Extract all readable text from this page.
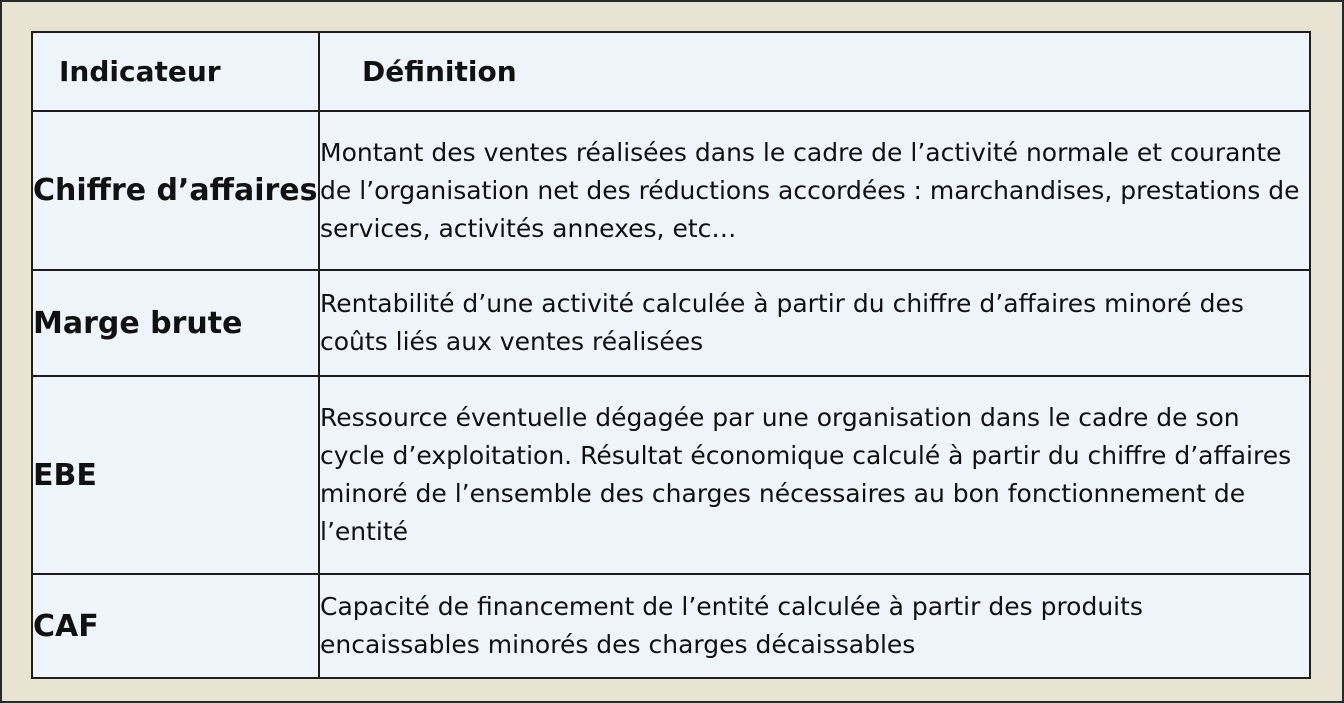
Indicateur	Définition
Chiffre d’affaires	Montant des ventes réalisées dans le cadre de l’activité normale et courante de l’organisation net des réductions accordées : marchandises, prestations de services, activités annexes, etc…
Marge brute	Rentabilité d’une activité calculée à partir du chiffre d’affaires minoré des coûts liés aux ventes réalisées
EBE	Ressource éventuelle dégagée par une organisation dans le cadre de son cycle d’exploitation. Résultat économique calculé à partir du chiffre d’affaires minoré de l’ensemble des charges nécessaires au bon fonctionnement de l’entité
CAF	Capacité de financement de l’entité calculée à partir des produits encaissables minorés des charges décaissables
